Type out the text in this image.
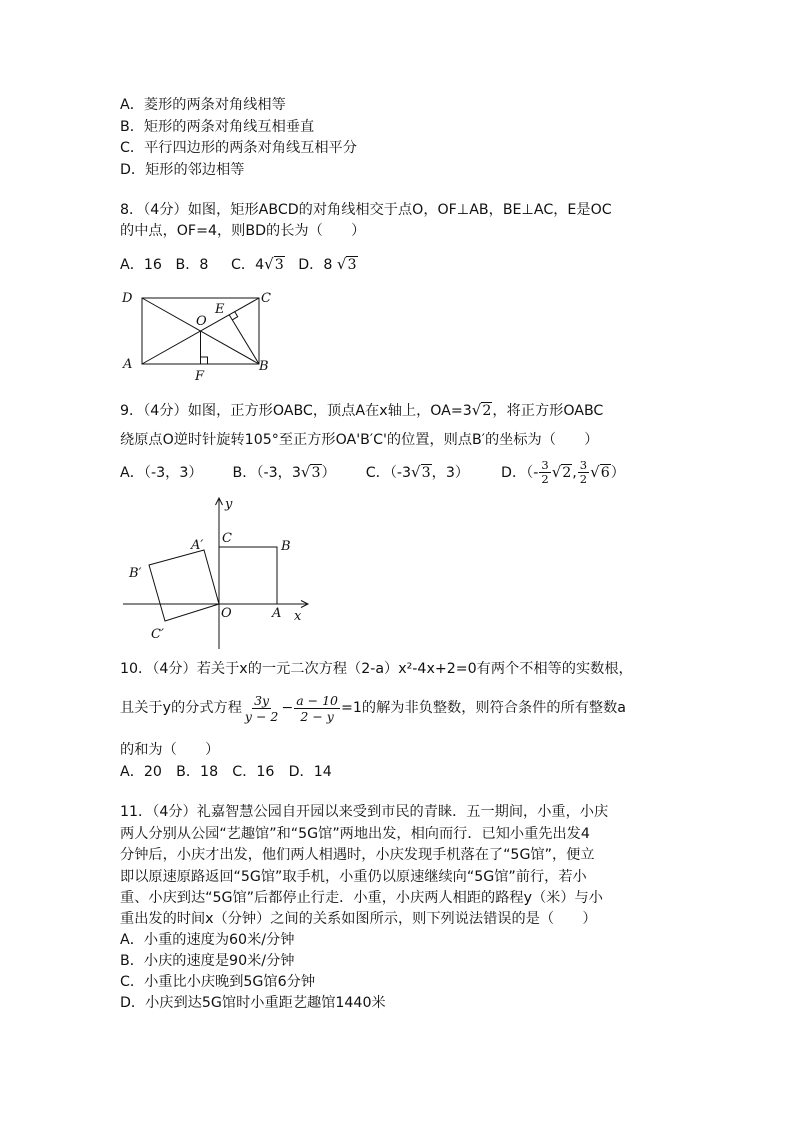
A．菱形的两条对角线相等
B．矩形的两条对角线互相垂直
C．平行四边形的两条对角线互相平分
D．矩形的邻边相等
8．（4分）如图，矩形ABCD的对角线相交于点O，OF⊥AB，BE⊥AC，E是OC
的中点，OF=4，则BD的长为（　　）
A．16 B．8 C．4√3 D．8 √3
D	C
A	B
O
E
F
9．（4分）如图，正方形OABC，顶点A在x轴上，OA=3√2，将正方形OABC
绕原点O逆时针旋转105°至正方形OA'B′C'的位置，则点B′的坐标为（　　）
A．（-3，3） B．（-3，3√3） C．（-3√3，3） D．（- $\frac{3}{2} √2$ , $\frac{3}{2} √6$ ）
y
x
O	A
B
C
A′
B′
C′
10．（4分）若关于x的一元二次方程（2-a）x²-4x+2=0有两个不相等的实数根，
且关于y的分式方程 $\frac{3y}{y - 2} - \frac{a - 10}{2 - y} =1$的解为非负整数，则符合条件的所有整数a
的和为（　　）
A．20　B．18　C．16　D．14
11．（4分）礼嘉智慧公园自开园以来受到市民的青睐．五一期间，小重，小庆
两人分别从公园“艺趣馆”和“5G馆”两地出发，相向而行．已知小重先出发4
分钟后，小庆才出发，他们两人相遇时，小庆发现手机落在了“5G馆”，便立
即以原速原路返回“5G馆”取手机，小重仍以原速继续向“5G馆”前行，若小
重、小庆到达“5G馆”后都停止行走．小重，小庆两人相距的路程y（米）与小
重出发的时间x（分钟）之间的关系如图所示，则下列说法错误的是（　　）
A．小重的速度为60米/分钟
B．小庆的速度是90米/分钟
C．小重比小庆晚到5G馆6分钟
D．小庆到达5G馆时小重距艺趣馆1440米
